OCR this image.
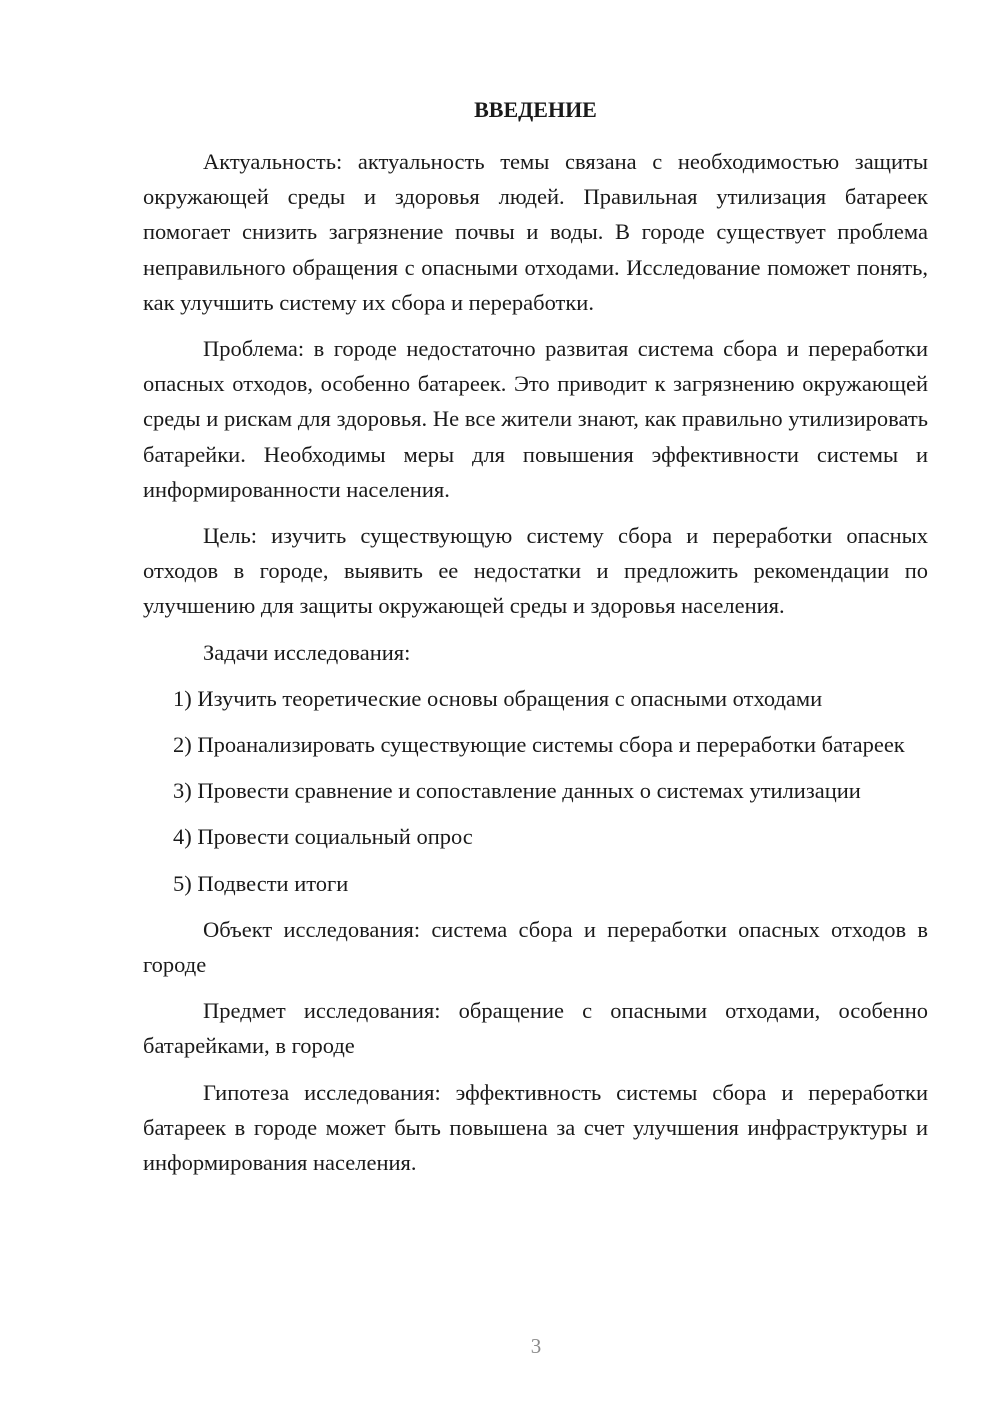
ВВЕДЕНИЕ
Актуальность: актуальность темы связана с необходимостью защиты окружающей среды и здоровья людей. Правильная утилизация батареек помогает снизить загрязнение почвы и воды. В городе существует проблема неправильного обращения с опасными отходами. Исследование поможет понять, как улучшить систему их сбора и переработки.
Проблема: в городе недостаточно развитая система сбора и переработки опасных отходов, особенно батареек. Это приводит к загрязнению окружающей среды и рискам для здоровья. Не все жители знают, как правильно утилизировать батарейки. Необходимы меры для повышения эффективности системы и информированности населения.
Цель: изучить существующую систему сбора и переработки опасных отходов в городе, выявить ее недостатки и предложить рекомендации по улучшению для защиты окружающей среды и здоровья населения.
Задачи исследования:
1) Изучить теоретические основы обращения с опасными отходами
2) Проанализировать существующие системы сбора и переработки батареек
3) Провести сравнение и сопоставление данных о системах утилизации
4) Провести социальный опрос
5) Подвести итоги
Объект исследования: система сбора и переработки опасных отходов в городе
Предмет исследования: обращение с опасными отходами, особенно батарейками, в городе
Гипотеза исследования: эффективность системы сбора и переработки батареек в городе может быть повышена за счет улучшения инфраструктуры и информирования населения.
3
